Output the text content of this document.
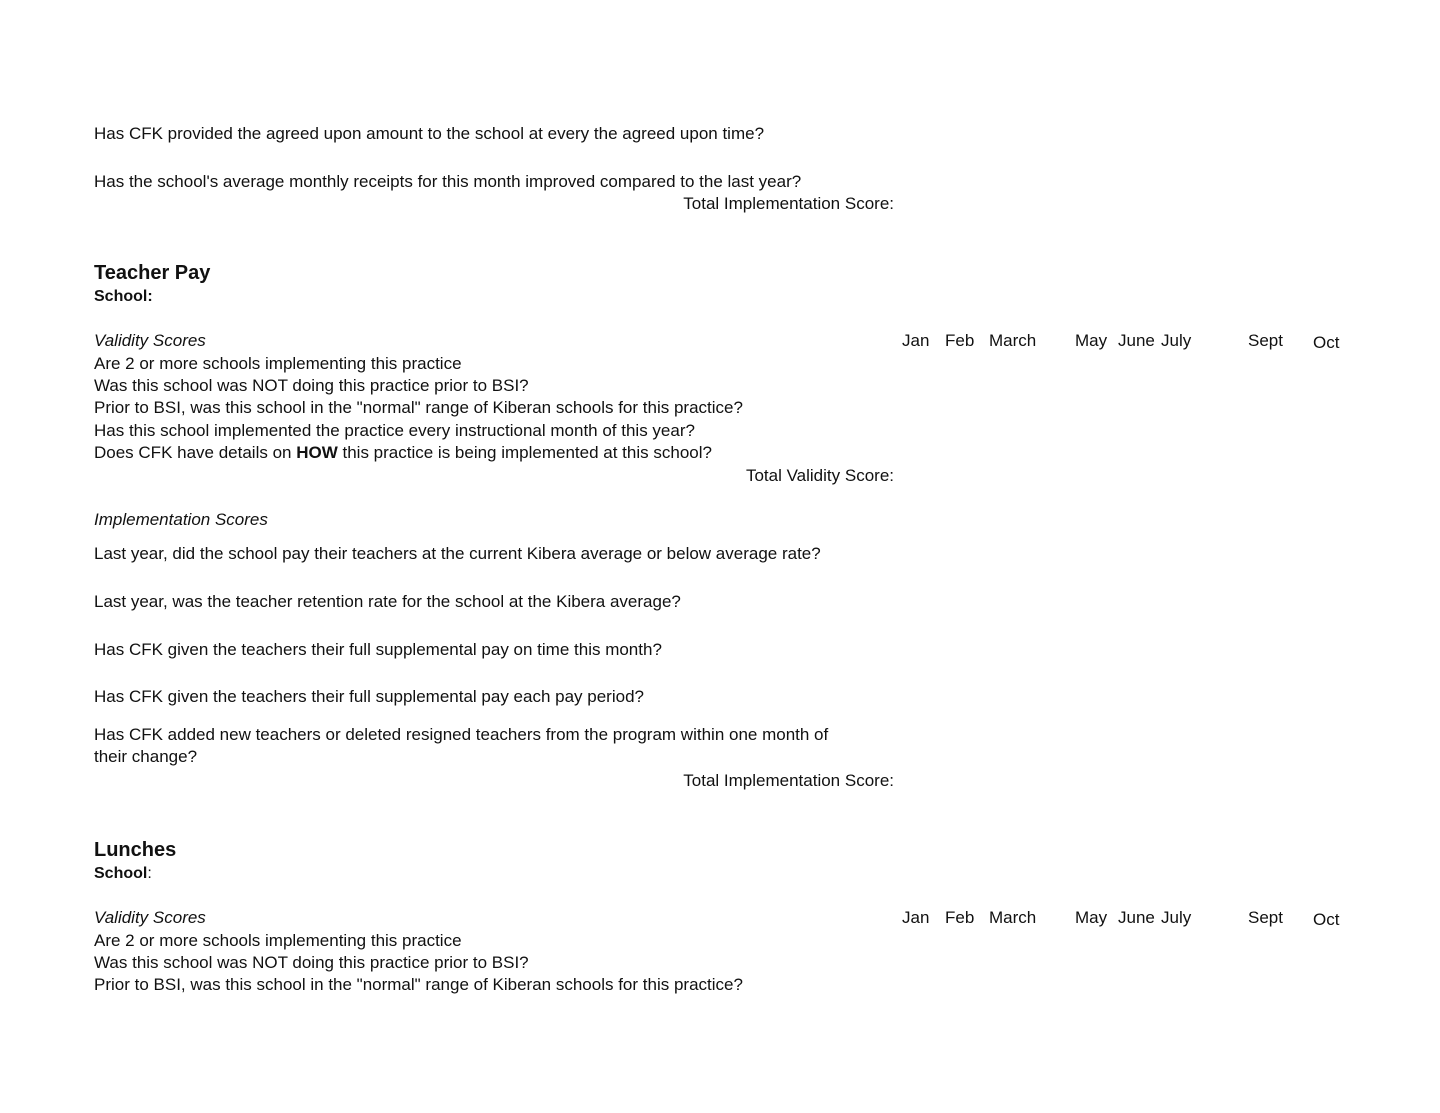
Has CFK provided the agreed upon amount to the school at every the agreed upon time?
Has the school's average monthly receipts for this month improved compared to the last year?
Total Implementation Score:
Teacher Pay
School:
Validity Scores	Jan Feb March May June July	Sept Oct
Are 2 or more schools implementing this practice
Was this school was NOT doing this practice prior to BSI?
Prior to BSI, was this school in the "normal" range of Kiberan schools for this practice?
Has this school implemented the practice every instructional month of this year?
Does CFK have details on HOW this practice is being implemented at this school?
Total Validity Score:
Implementation Scores
Last year, did the school pay their teachers at the current Kibera average or below average rate?
Last year, was the teacher retention rate for the school at the Kibera average?
Has CFK given the teachers their full supplemental pay on time this month?
Has CFK given the teachers their full supplemental pay each pay period?
Has CFK added new teachers or deleted resigned teachers from the program within one month of
their change?
Total Implementation Score:
Lunches
School:
Validity Scores	Jan Feb March May June July	Sept Oct
Are 2 or more schools implementing this practice
Was this school was NOT doing this practice prior to BSI?
Prior to BSI, was this school in the "normal" range of Kiberan schools for this practice?
